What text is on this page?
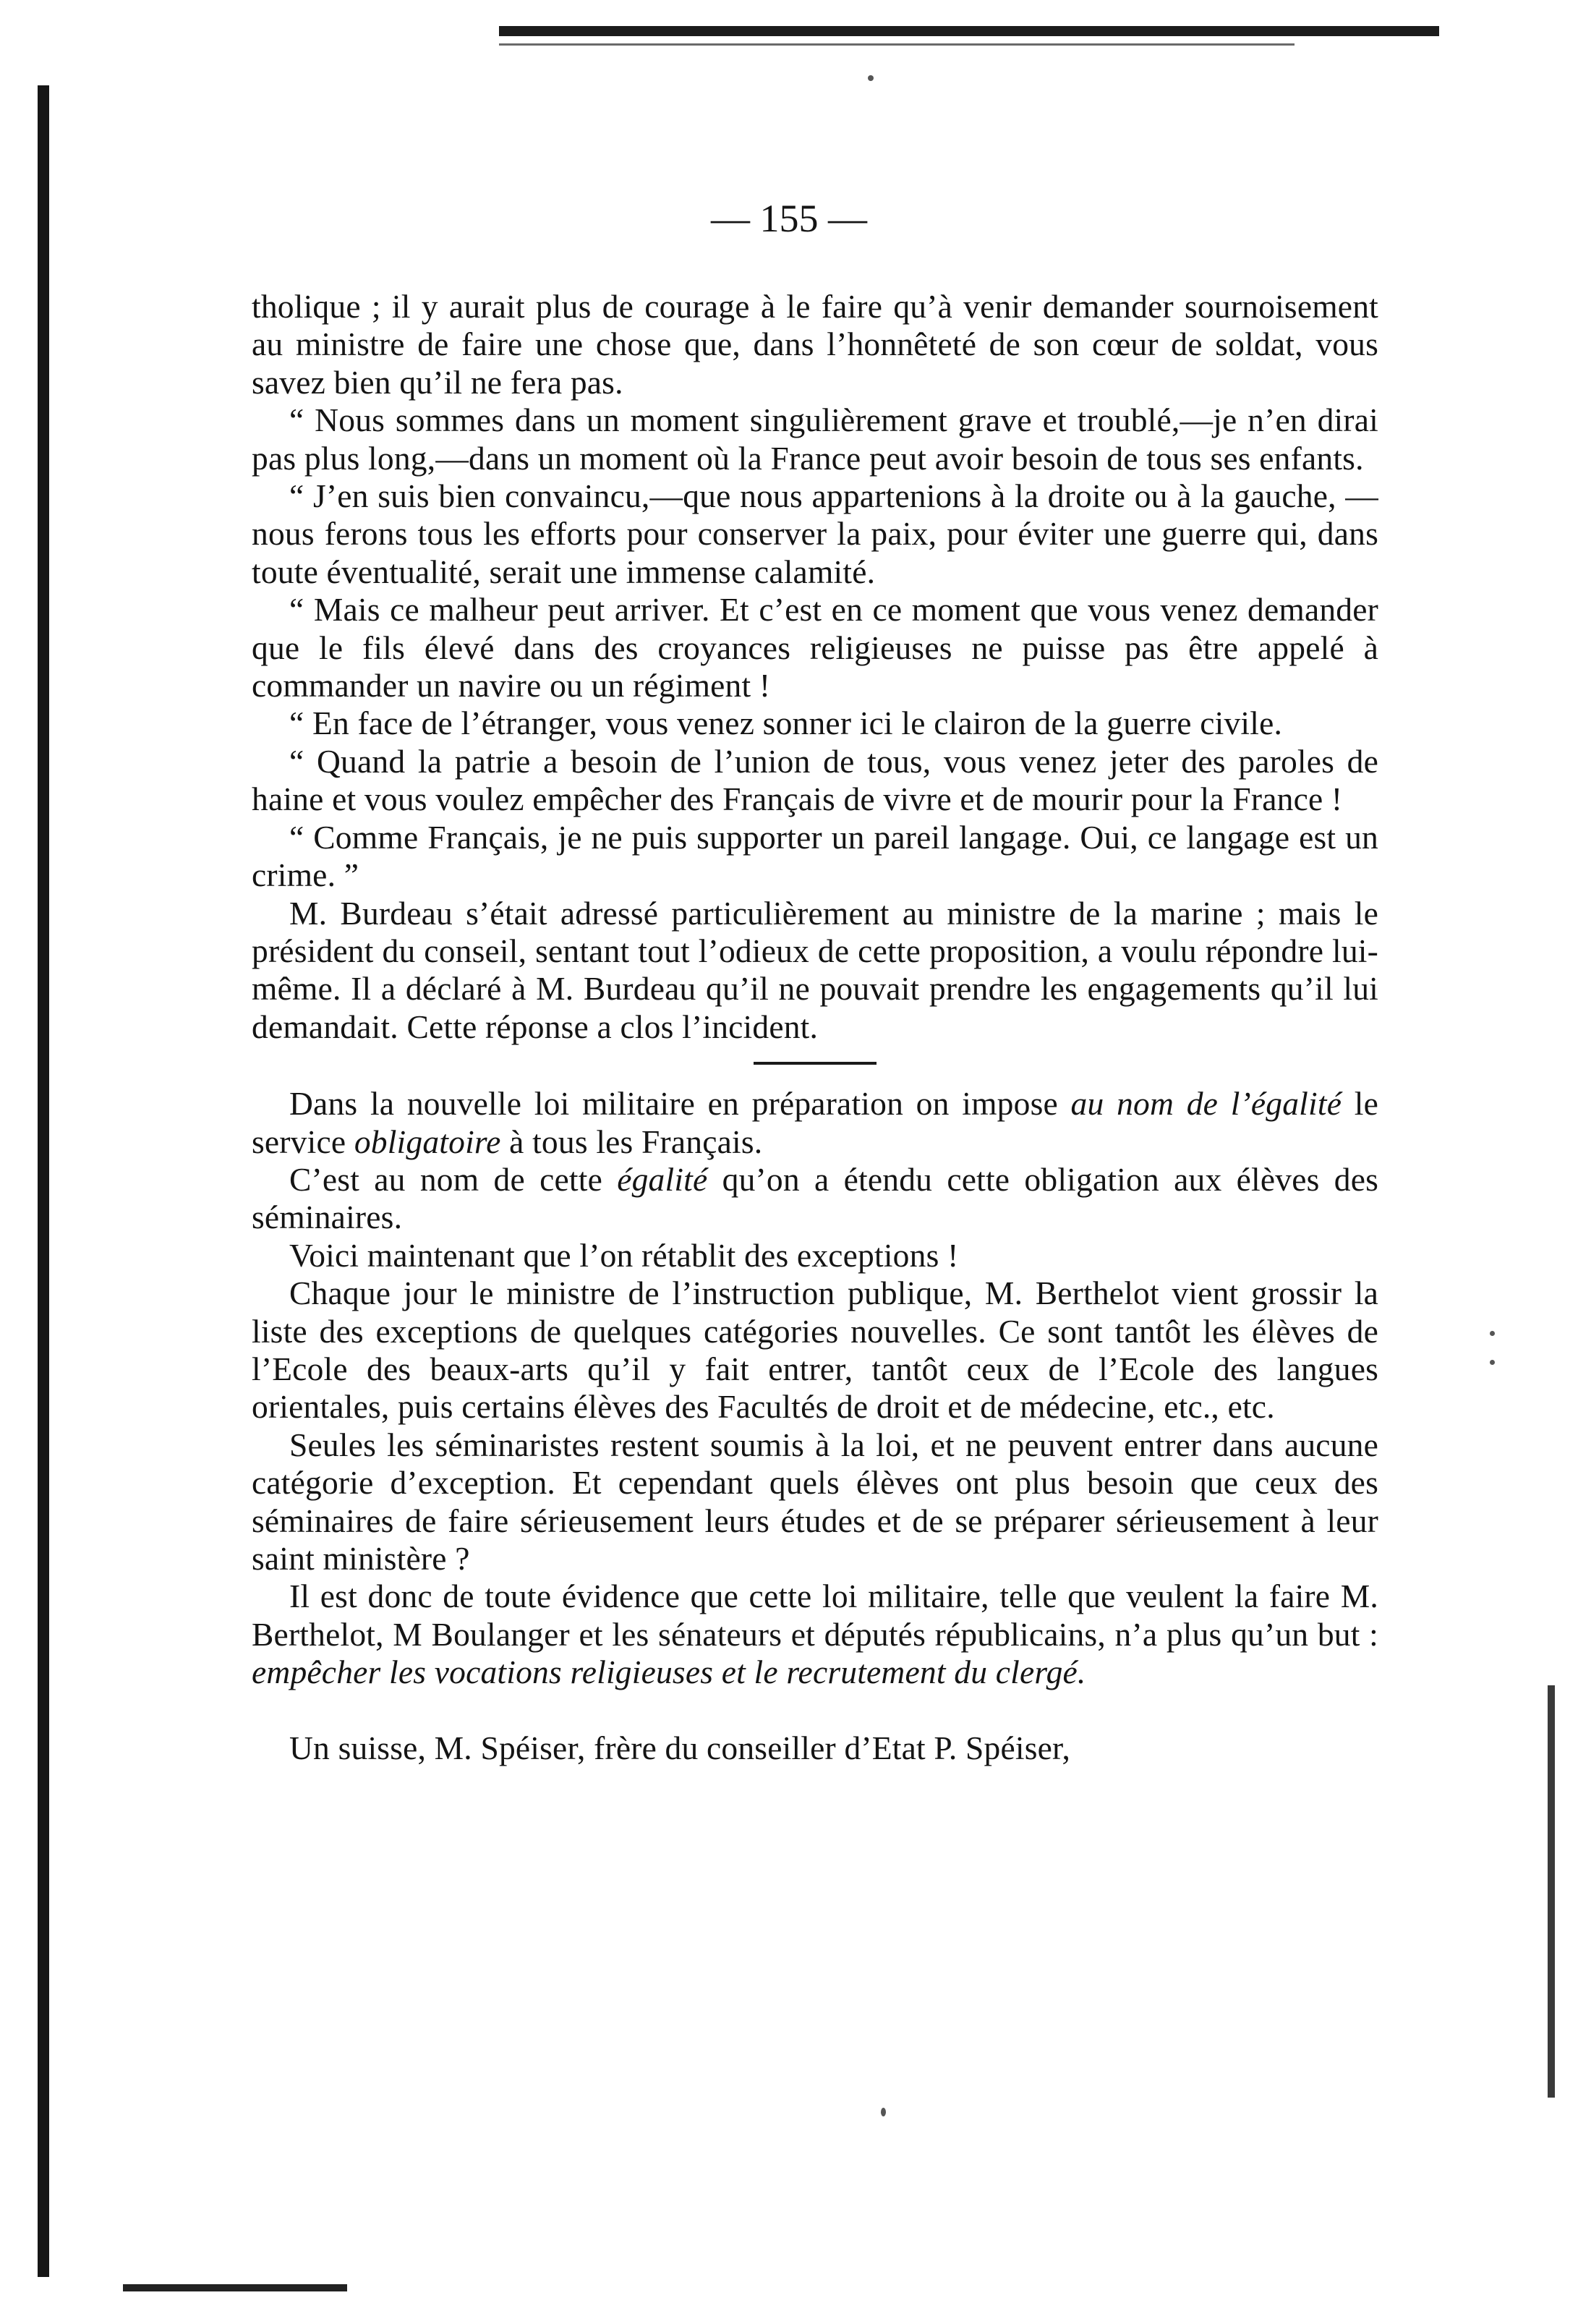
— 155 —

tholique ; il y aurait plus de courage à le faire qu’à venir demander sournoisement au ministre de faire une chose que, dans l’honnêteté de son cœur de soldat, vous savez bien qu’il ne fera pas.

“ Nous sommes dans un moment singulièrement grave et troublé,—je n’en dirai pas plus long,—dans un moment où la France peut avoir besoin de tous ses enfants.

“ J’en suis bien convaincu,—que nous appartenions à la droite ou à la gauche, — nous ferons tous les efforts pour conserver la paix, pour éviter une guerre qui, dans toute éventualité, serait une immense calamité.

“ Mais ce malheur peut arriver. Et c’est en ce moment que vous venez demander que le fils élevé dans des croyances religieuses ne puisse pas être appelé à commander un navire ou un régiment !

“ En face de l’étranger, vous venez sonner ici le clairon de la guerre civile.

“ Quand la patrie a besoin de l’union de tous, vous venez jeter des paroles de haine et vous voulez empêcher des Français de vivre et de mourir pour la France !

“ Comme Français, je ne puis supporter un pareil langage. Oui, ce langage est un crime. ”

M. Burdeau s’était adressé particulièrement au ministre de la marine ; mais le président du conseil, sentant tout l’odieux de cette proposition, a voulu répondre lui-même. Il a déclaré à M. Burdeau qu’il ne pouvait prendre les engagements qu’il lui demandait. Cette réponse a clos l’incident.

Dans la nouvelle loi militaire en préparation on impose au nom de l’égalité le service obligatoire à tous les Français.

C’est au nom de cette égalité qu’on a étendu cette obligation aux élèves des séminaires.

Voici maintenant que l’on rétablit des exceptions !

Chaque jour le ministre de l’instruction publique, M. Berthelot vient grossir la liste des exceptions de quelques catégories nouvelles. Ce sont tantôt les élèves de l’Ecole des beaux-arts qu’il y fait entrer, tantôt ceux de l’Ecole des langues orientales, puis certains élèves des Facultés de droit et de médecine, etc., etc.

Seules les séminaristes restent soumis à la loi, et ne peuvent entrer dans aucune catégorie d’exception. Et cependant quels élèves ont plus besoin que ceux des séminaires de faire sérieusement leurs études et de se préparer sérieusement à leur saint ministère ?

Il est donc de toute évidence que cette loi militaire, telle que veulent la faire M. Berthelot, M Boulanger et les sénateurs et députés républicains, n’a plus qu’un but : empêcher les vocations religieuses et le recrutement du clergé.

Un suisse, M. Spéiser, frère du conseiller d’Etat P. Spéiser,
